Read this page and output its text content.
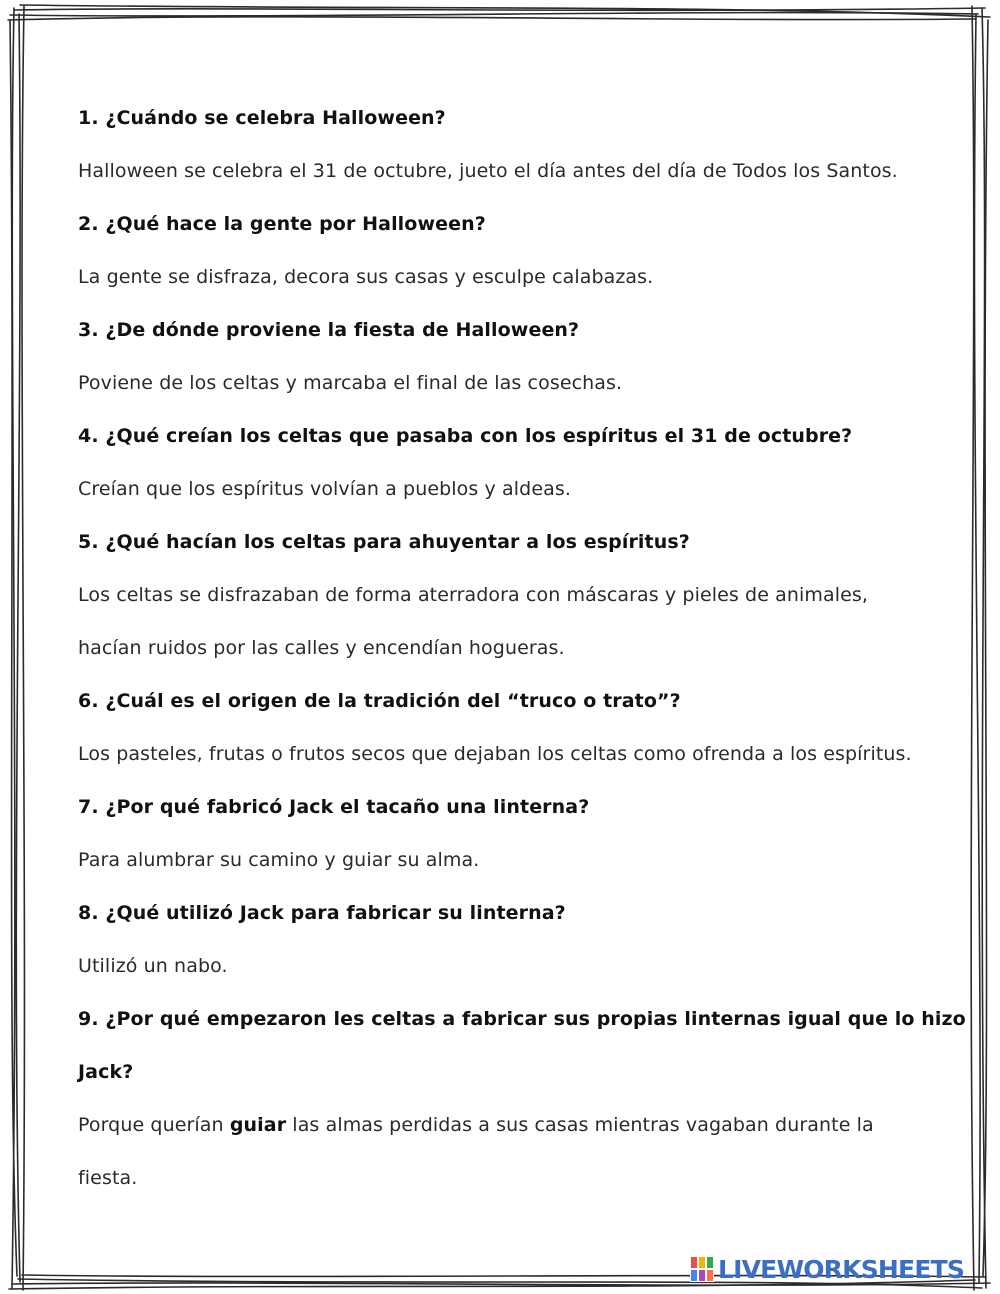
1. ¿Cuándo se celebra Halloween?
Halloween se celebra el 31 de octubre, jueto el día antes del día de Todos los Santos.
2. ¿Qué hace la gente por Halloween?
La gente se disfraza, decora sus casas y esculpe calabazas.
3. ¿De dónde proviene la fiesta de Halloween?
Poviene de los celtas y marcaba el final de las cosechas.
4. ¿Qué creían los celtas que pasaba con los espíritus el 31 de octubre?
Creían que los espíritus volvían a pueblos y aldeas.
5. ¿Qué hacían los celtas para ahuyentar a los espíritus?
Los celtas se disfrazaban de forma aterradora con máscaras y pieles de animales,
hacían ruidos por las calles y encendían hogueras.
6. ¿Cuál es el origen de la tradición del “truco o trato”?
Los pasteles, frutas o frutos secos que dejaban los celtas como ofrenda a los espíritus.
7. ¿Por qué fabricó Jack el tacaño una linterna?
Para alumbrar su camino y guiar su alma.
8. ¿Qué utilizó Jack para fabricar su linterna?
Utilizó un nabo.
9. ¿Por qué empezaron les celtas a fabricar sus propias linternas igual que lo hizo
Jack?
Porque querían guiar las almas perdidas a sus casas mientras vagaban durante la
fiesta.
LIVEWORKSHEETS
